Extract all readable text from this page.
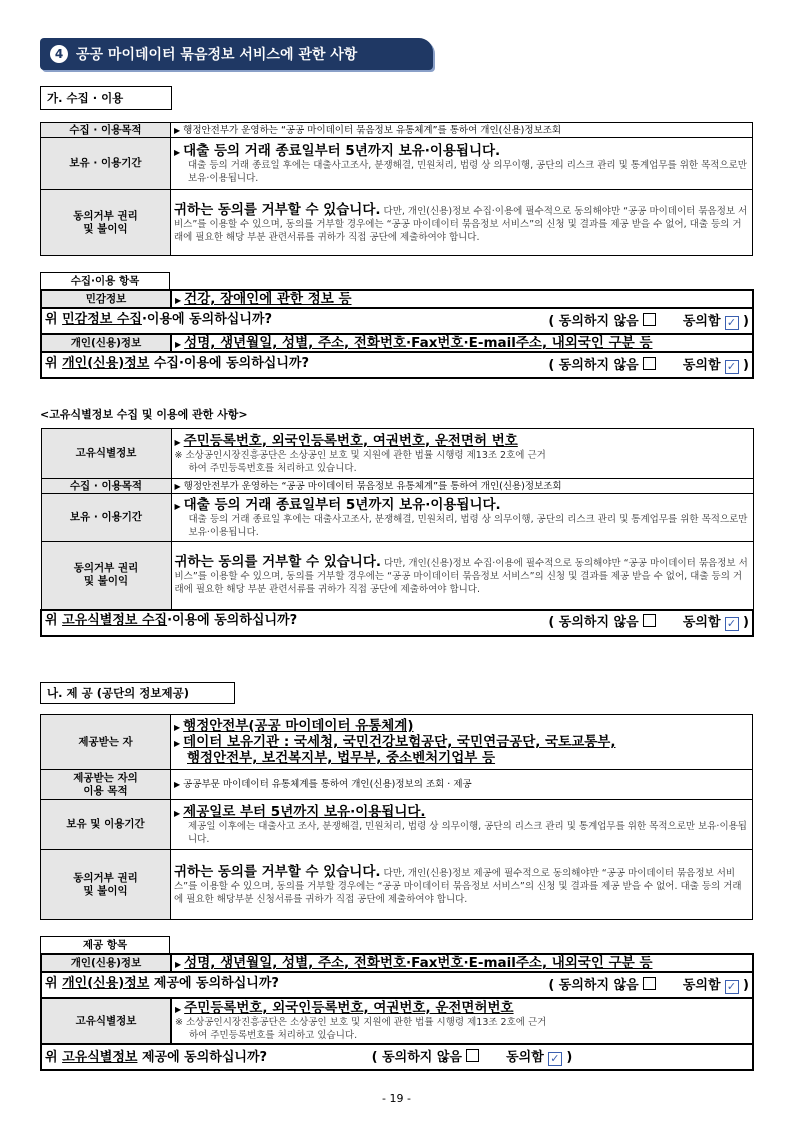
4 공공 마이데이터 묶음정보 서비스에 관한 사항
가. 수집 · 이용
수집 · 이용목적	▶ 행정안전부가 운영하는 “공공 마이데이터 묶음정보 유통체계”를 통하여 개인(신용)정보조회
보유 · 이용기간	▶ 대출 등의 거래 종료일부터 5년까지 보유·이용됩니다.
대출 등의 거래 종료일 후에는 대출사고조사, 분쟁해결, 민원처리, 법령 상 의무이행, 공단의 리스크 관리 및 통계업무를 위한 목적으로만 보유·이용됩니다.

동의거부 권리
및 불이익	귀하는 동의를 거부할 수 있습니다. 다만, 개인(신용)정보 수집·이용에 필수적으로 동의해야만 “공공 마이데이터 묶음정보 서비스”를 이용할 수 있으며, 동의를 거부할 경우에는 “공공 마이데이터 묶음정보 서비스”의 신청 및 결과를 제공 받을 수 없어, 대출 등의 거래에 필요한 해당 부분 관련서류를 귀하가 직접 공단에 제출하여야 합니다.
수집·이용 항목
민감정보	▶ 건강, 장애인에 관한 정보 등
위 민감정보 수집·이용에 동의하십니까? ( 동의하지 않음 동의함 ✓ )	

개인(신용)정보	▶ 성명, 생년월일, 성별, 주소, 전화번호·Fax번호·E-mail주소, 내외국인 구분 등
위 개인(신용)정보 수집·이용에 동의하십니까? ( 동의하지 않음 동의함 ✓ )	
<고유식별정보 수집 및 이용에 관한 사항>
고유식별정보	▶ 주민등록번호, 외국인등록번호, 여권번호, 운전면허 번호
※ 소상공인시장진흥공단은 소상공인 보호 및 지원에 관한 법률 시행령 제13조 2호에 근거
하여 주민등록번호를 처리하고 있습니다.
수집 · 이용목적	▶ 행정안전부가 운영하는 “공공 마이데이터 묶음정보 유통체계”를 통하여 개인(신용)정보조회
보유 · 이용기간	▶ 대출 등의 거래 종료일부터 5년까지 보유·이용됩니다.
대출 등의 거래 종료일 후에는 대출사고조사, 분쟁해결, 민원처리, 법령 상 의무이행, 공단의 리스크 관리 및 통계업무를 위한 목적으로만 보유·이용됩니다.

동의거부 권리
및 불이익	귀하는 동의를 거부할 수 있습니다. 다만, 개인(신용)정보 수집·이용에 필수적으로 동의해야만 “공공 마이데이터 묶음정보 서비스”를 이용할 수 있으며, 동의를 거부할 경우에는 “공공 마이데이터 묶음정보 서비스”의 신청 및 결과를 제공 받을 수 없어, 대출 등의 거래에 필요한 해당 부분 관련서류를 귀하가 직접 공단에 제출하여야 합니다.
위 고유식별정보 수집·이용에 동의하십니까? ( 동의하지 않음 동의함 ✓ )	
나. 제 공 (공단의 정보제공)
제공받는 자	▶ 행정안전부(공공 마이데이터 유통체계)
▶ 데이터 보유기관 : 국세청, 국민건강보험공단, 국민연금공단, 국토교통부,
행정안전부, 보건복지부, 법무부, 중소벤처기업부 등
제공받는 자의
이용 목적	▶ 공공부문 마이데이터 유통체계를 통하여 개인(신용)정보의 조회 · 제공
보유 및 이용기간	▶ 제공일로 부터 5년까지 보유·이용됩니다.
제공일 이후에는 대출사고 조사, 분쟁해결, 민원처리, 법령 상 의무이행, 공단의 리스크 관리 및 통계업무를 위한 목적으로만 보유·이용됩니다.

동의거부 권리
및 불이익	귀하는 동의를 거부할 수 있습니다. 다만, 개인(신용)정보 제공에 필수적으로 동의해야만 “공공 마이데이터 묶음정보 서비스”를 이용할 수 있으며, 동의를 거부할 경우에는 “공공 마이데이터 묶음정보 서비스”의 신청 및 결과를 제공 받을 수 없어. 대출 등의 거래에 필요한 해당부분 신청서류를 귀하가 직접 공단에 제출하여야 합니다.
제공 항목
개인(신용)정보	▶ 성명, 생년월일, 성별, 주소, 전화번호·Fax번호·E-mail주소, 내외국인 구분 등
위 개인(신용)정보 제공에 동의하십니까? ( 동의하지 않음 동의함 ✓ )	

고유식별정보	▶ 주민등록번호, 외국인등록번호, 여권번호, 운전면허번호
※ 소상공인시장진흥공단은 소상공인 보호 및 지원에 관한 법률 시행령 제13조 2호에 근거
하여 주민등록번호를 처리하고 있습니다.
위 고유식별정보 제공에 동의하십니까? ( 동의하지 않음 동의함 ✓ )	
- 19 -
